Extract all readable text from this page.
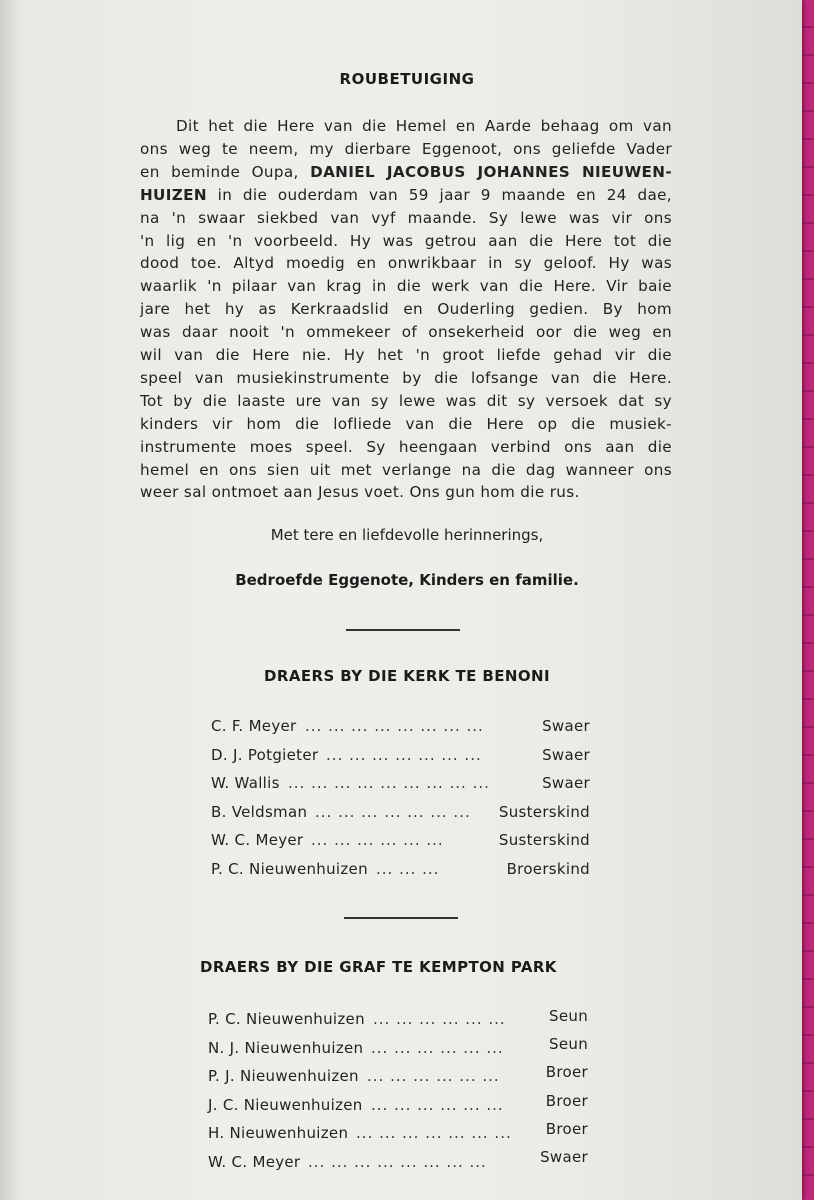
ROUBETUIGING
Dit het die Here van die Hemel en Aarde behaag om van
ons weg te neem, my dierbare Eggenoot, ons geliefde Vader
en beminde Oupa, DANIEL JACOBUS JOHANNES NIEUWEN-
HUIZEN in die ouderdam van 59 jaar 9 maande en 24 dae,
na 'n swaar siekbed van vyf maande. Sy lewe was vir ons
'n lig en 'n voorbeeld. Hy was getrou aan die Here tot die
dood toe. Altyd moedig en onwrikbaar in sy geloof. Hy was
waarlik 'n pilaar van krag in die werk van die Here. Vir baie
jare het hy as Kerkraadslid en Ouderling gedien. By hom
was daar nooit 'n ommekeer of onsekerheid oor die weg en
wil van die Here nie. Hy het 'n groot liefde gehad vir die
speel van musiekinstrumente by die lofsange van die Here.
Tot by die laaste ure van sy lewe was dit sy versoek dat sy
kinders vir hom die lofliede van die Here op die musiek-
instrumente moes speel. Sy heengaan verbind ons aan die
hemel en ons sien uit met verlange na die dag wanneer ons
weer sal ontmoet aan Jesus voet. Ons gun hom die rus.
Met tere en liefdevolle herinnerings,
Bedroefde Eggenote, Kinders en familie.
DRAERS BY DIE KERK TE BENONI
C. F. Meyer ... ... ... ... ... ... ... ...	Swaer
D. J. Potgieter ... ... ... ... ... ... ...	Swaer
W. Wallis ... ... ... ... ... ... ... ... ...	Swaer
B. Veldsman ... ... ... ... ... ... ... Susterskind
W. C. Meyer ... ... ... ... ... ...	Susterskind
P. C. Nieuwenhuizen ... ... ...	Broerskind
DRAERS BY DIE GRAF TE KEMPTON PARK
P. C. Nieuwenhuizen ... ... ... ... ... ...	Seun
N. J. Nieuwenhuizen ... ... ... ... ... ...	Seun
P. J. Nieuwenhuizen ... ... ... ... ... ...	Broer
J. C. Nieuwenhuizen ... ... ... ... ... ...	Broer
H. Nieuwenhuizen ... ... ... ... ... ... ... Broer
W. C. Meyer ... ... ... ... ... ... ... ...	Swaer
